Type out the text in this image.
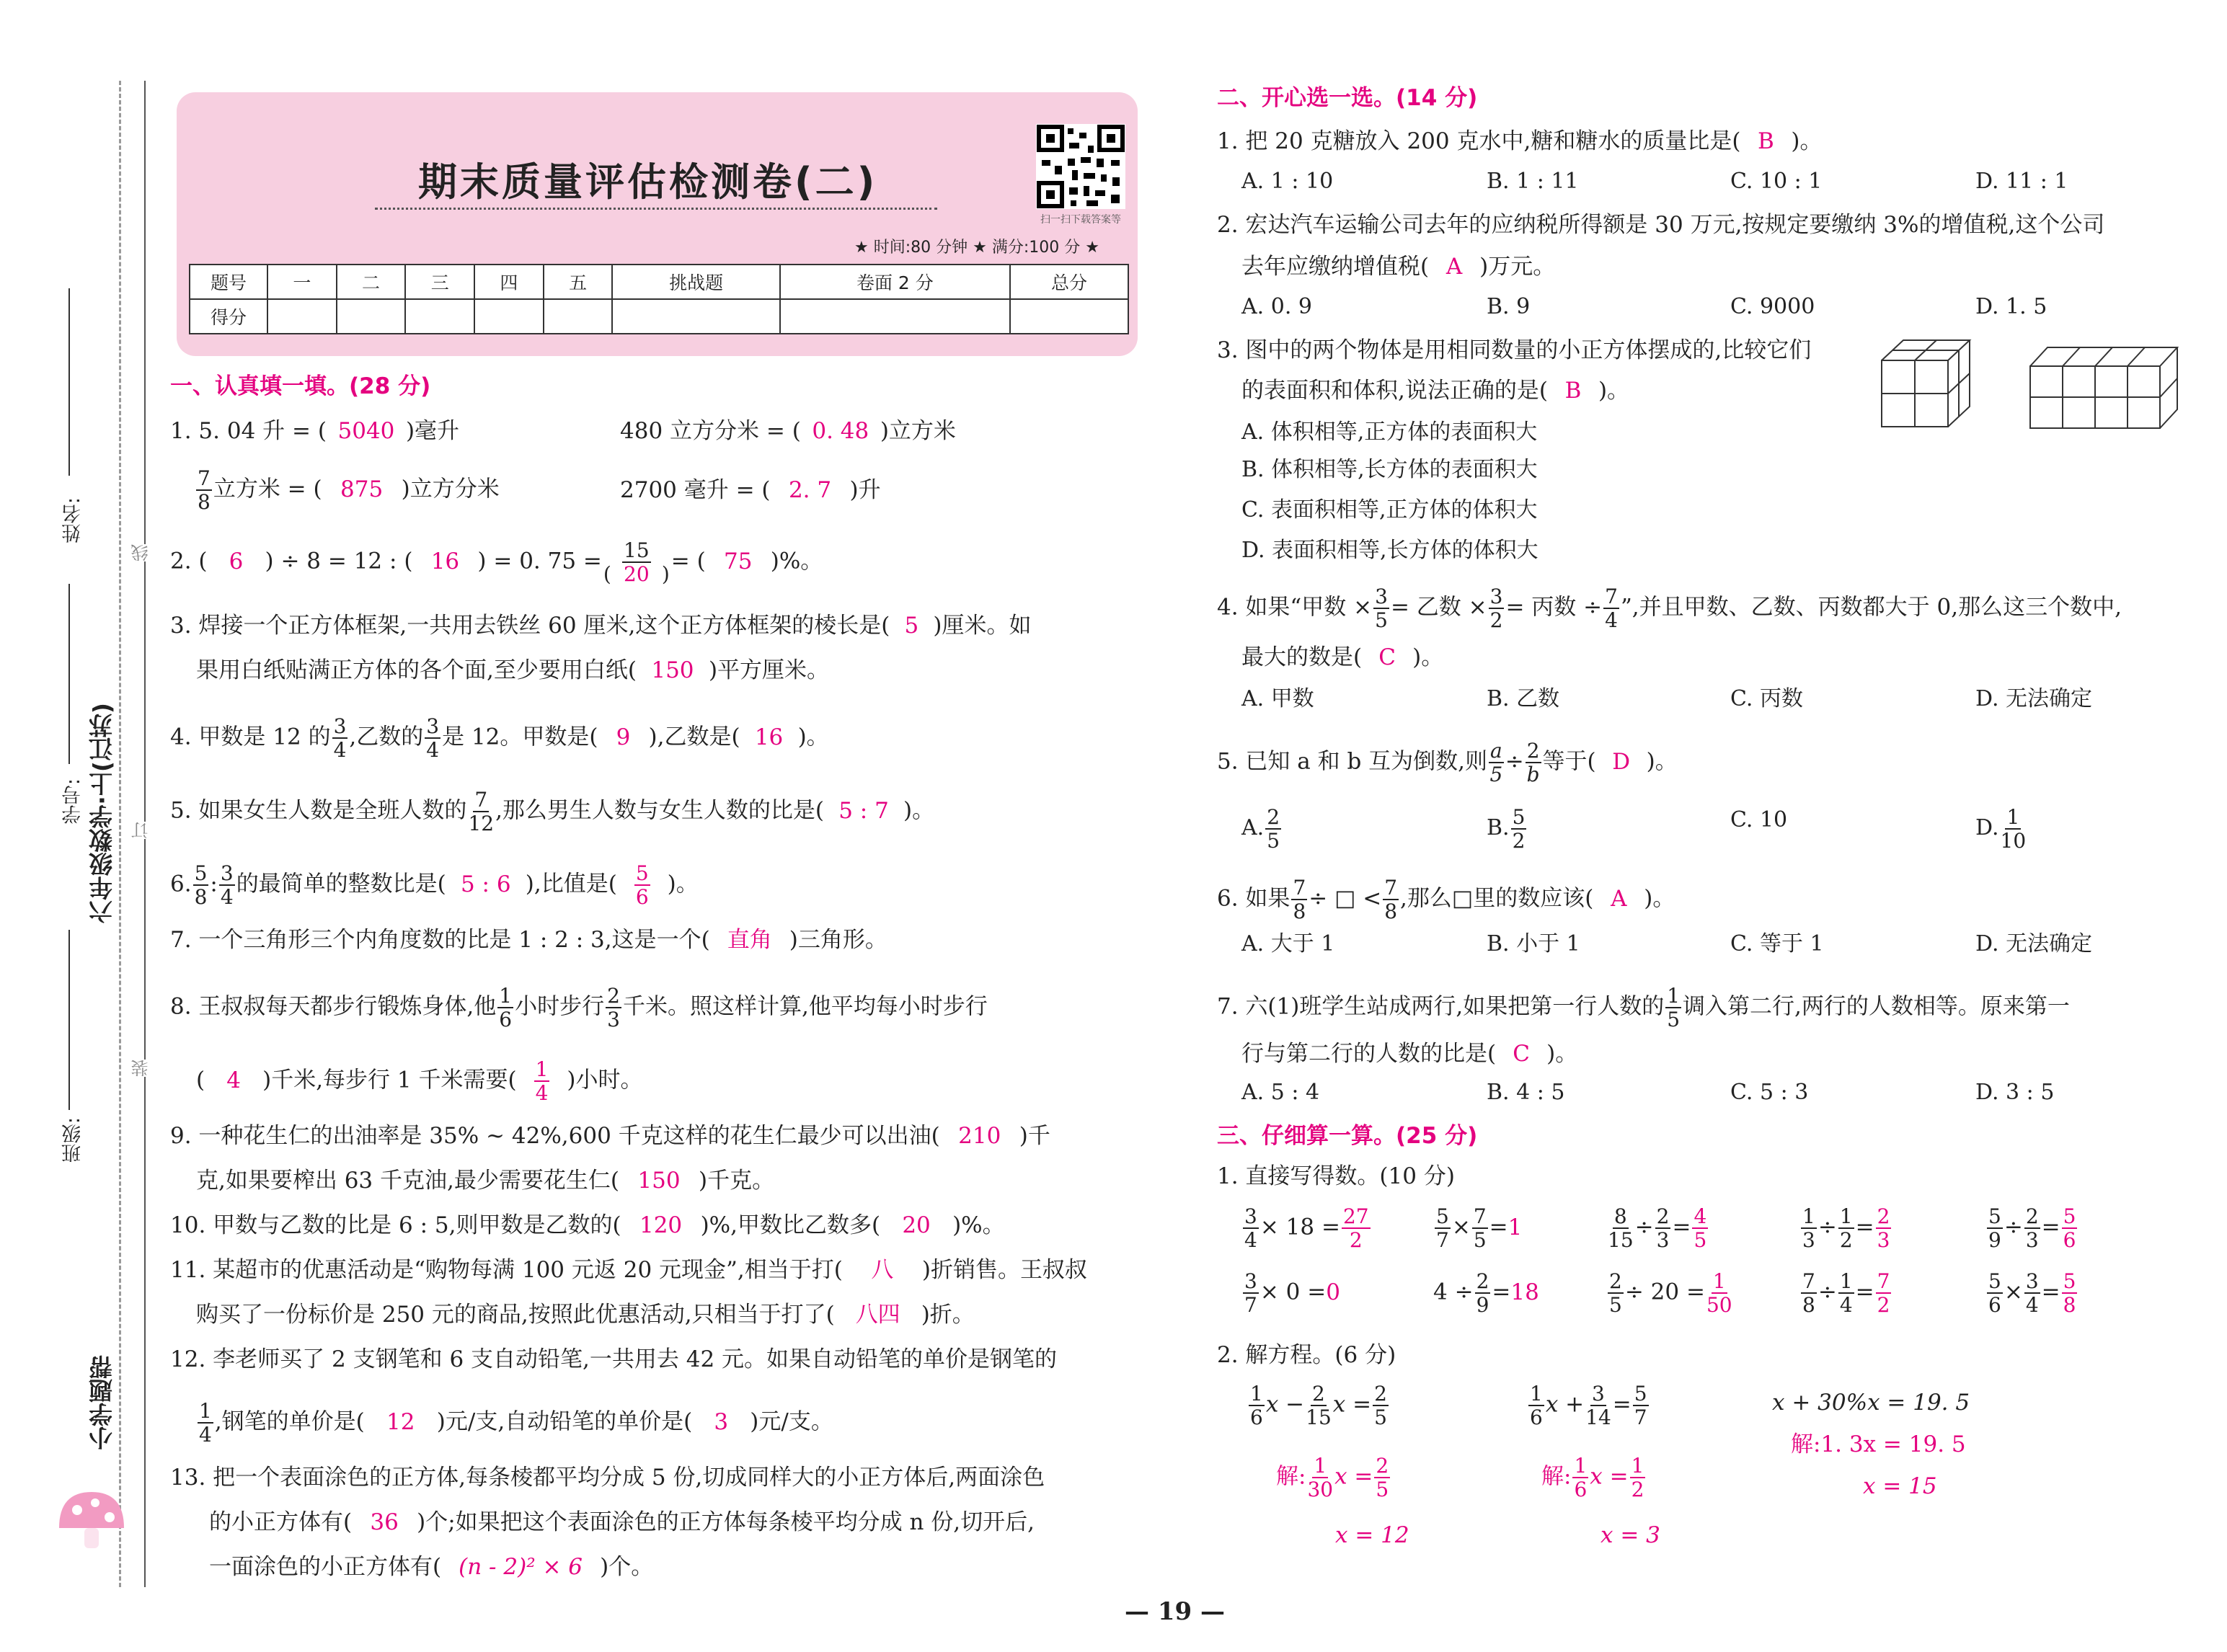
姓名:
学号: 六年级数学·上(江苏)
班级:
线
订
装
小学题帮
期末质量评估检测卷(二)
扫一扫下载答案等
★ 时间:80 分钟 ★ 满分:100 分 ★
题号	一	二	三	四	五	挑战题	卷面 2 分	总分
得分								
一、认真填一填。(28 分)
1. 5. 04 升 = ( 5040 )毫升	480 立方分米 = ( 0. 48 )立方米
$\frac{7}{8}$ 立方米 = ( 875 )立方分米	2700 毫升 = ( 2. 7 )升
2. ( 6 ) ÷ 8 = 12 : ( 16 ) = 0. $75 = \frac{15}{( 20 )}$ = ( 75 )%。
3. 焊接一个正方体框架,一共用去铁丝 60 厘米,这个正方体框架的棱长是( 5 )厘米。如
果用白纸贴满正方体的各个面,至少要用白纸( 150 )平方厘米。
4. 甲数是 12 的 $\frac{3}{4}$ ,乙数的 $\frac{3}{4}$ 是 12。甲数是( 9 ),乙数是( 16 )。
5. 如果女生人数是全班人数的 $\frac{7}{12}$ ,那么男生人数与女生人数的比是( 5 : 7 )。
6. $\frac{5}{8}$ : $\frac{3}{4}$ 的最简单的整数比是( 5 : 6 ),比值是( $\frac{5}{6}$ )。
7. 一个三角形三个内角度数的比是 1 : 2 : 3,这是一个( 直角 )三角形。
8. 王叔叔每天都步行锻炼身体,他 $\frac{1}{6}$ 小时步行 $\frac{2}{3}$ 千米。照这样计算,他平均每小时步行
( 4 )千米,每步行 1 千米需要( $\frac{1}{4}$ )小时。
9. 一种花生仁的出油率是 35% ~ 42%,600 千克这样的花生仁最少可以出油( 210 )千
克,如果要榨出 63 千克油,最少需要花生仁( 150 )千克。
10. 甲数与乙数的比是 6 : 5,则甲数是乙数的( 120 )%,甲数比乙数多( 20 )%。
11. 某超市的优惠活动是“购物每满 100 元返 20 元现金”,相当于打( 八 )折销售。王叔叔
购买了一份标价是 250 元的商品,按照此优惠活动,只相当于打了( 八四 )折。
12. 李老师买了 2 支钢笔和 6 支自动铅笔,一共用去 42 元。如果自动铅笔的单价是钢笔的
$\frac{1}{4}$ ,钢笔的单价是( 12 )元/支,自动铅笔的单价是( 3 )元/支。
13. 把一个表面涂色的正方体,每条棱都平均分成 5 份,切成同样大的小正方体后,两面涂色
的小正方体有( 36 )个;如果把这个表面涂色的正方体每条棱平均分成 n 份,切开后,
一面涂色的小正方体有( (n - 2)² × 6 )个。
二、开心选一选。(14 分)
1. 把 20 克糖放入 200 克水中,糖和糖水的质量比是( B )。
A. 1 : 10	B. 1 : 11	C. 10 : 1	D. 11 : 1
2. 宏达汽车运输公司去年的应纳税所得额是 30 万元,按规定要缴纳 3%的增值税,这个公司
去年应缴纳增值税( A )万元。
A. 0. 9	B. 9	C. 9000	D. 1. 5
3. 图中的两个物体是用相同数量的小正方体摆成的,比较它们
的表面积和体积,说法正确的是( B )。
A. 体积相等,正方体的表面积大
B. 体积相等,长方体的表面积大
C. 表面积相等,正方体的体积大
D. 表面积相等,长方体的体积大
4. 如果“甲数 × $\frac{3}{5}$ = 乙数 × $\frac{3}{2}$ = 丙数 ÷ $\frac{7}{4}$ ”,并且甲数、乙数、丙数都大于 0,那么这三个数中,
最大的数是( C )。
A. 甲数	B. 乙数	C. 丙数	D. 无法确定
5. 已知 a 和 b 互为倒数,则 $\frac{a}{5} \div \frac{2}{b}$ 等于( D )。
A. $\frac{2}{5}$	B. $\frac{5}{2}$	C. 10	D. $\frac{1}{10}$
6. 如果 $\frac{7}{8}$ ÷ □ < $\frac{7}{8}$ ,那么□里的数应该( A )。
A. 大于 1	B. 小于 1	C. 等于 1	D. 无法确定
7. 六(1)班学生站成两行,如果把第一行人数的 $\frac{1}{5}$ 调入第二行,两行的人数相等。原来第一
行与第二行的人数的比是( C )。
A. 5 : 4	B. 4 : 5	C. 5 : 3	D. 3 : 5
三、仔细算一算。(25 分)
1. 直接写得数。(10 分)
$\frac{3}{4} \times 18 = \frac{27}{2}$	$\frac{5}{7} \times \frac{7}{5} =1$	$\frac{8}{15} \div \frac{2}{3} = \frac{4}{5}$	$\frac{1}{3} \div \frac{1}{2} = \frac{2}{3}$	$\frac{5}{9} \div \frac{2}{3} = \frac{5}{6}$
$\frac{3}{7} \times 0 =0$	$4 \div \frac{2}{9} =18$	$\frac{2}{5} \div 20 = \frac{1}{50}$	$\frac{7}{8} \div \frac{1}{4} = \frac{7}{2}$	$\frac{5}{6} \times \frac{3}{4} = \frac{5}{8}$
2. 解方程。(6 分)
$\frac{1}{6}$ $x - \frac{2}{15}$ $x = \frac{2}{5}$
解: $\frac{1}{30}$ $x = \frac{2}{5}$
x = 12
$\frac{1}{6}$ $x + \frac{3}{14} = \frac{5}{7}$
解: $\frac{1}{6}$ $x = \frac{1}{2}$
x = 3
x + 30%x = 19. 5
解:1. 3x = 19. 5
x = 15
— 19 —
